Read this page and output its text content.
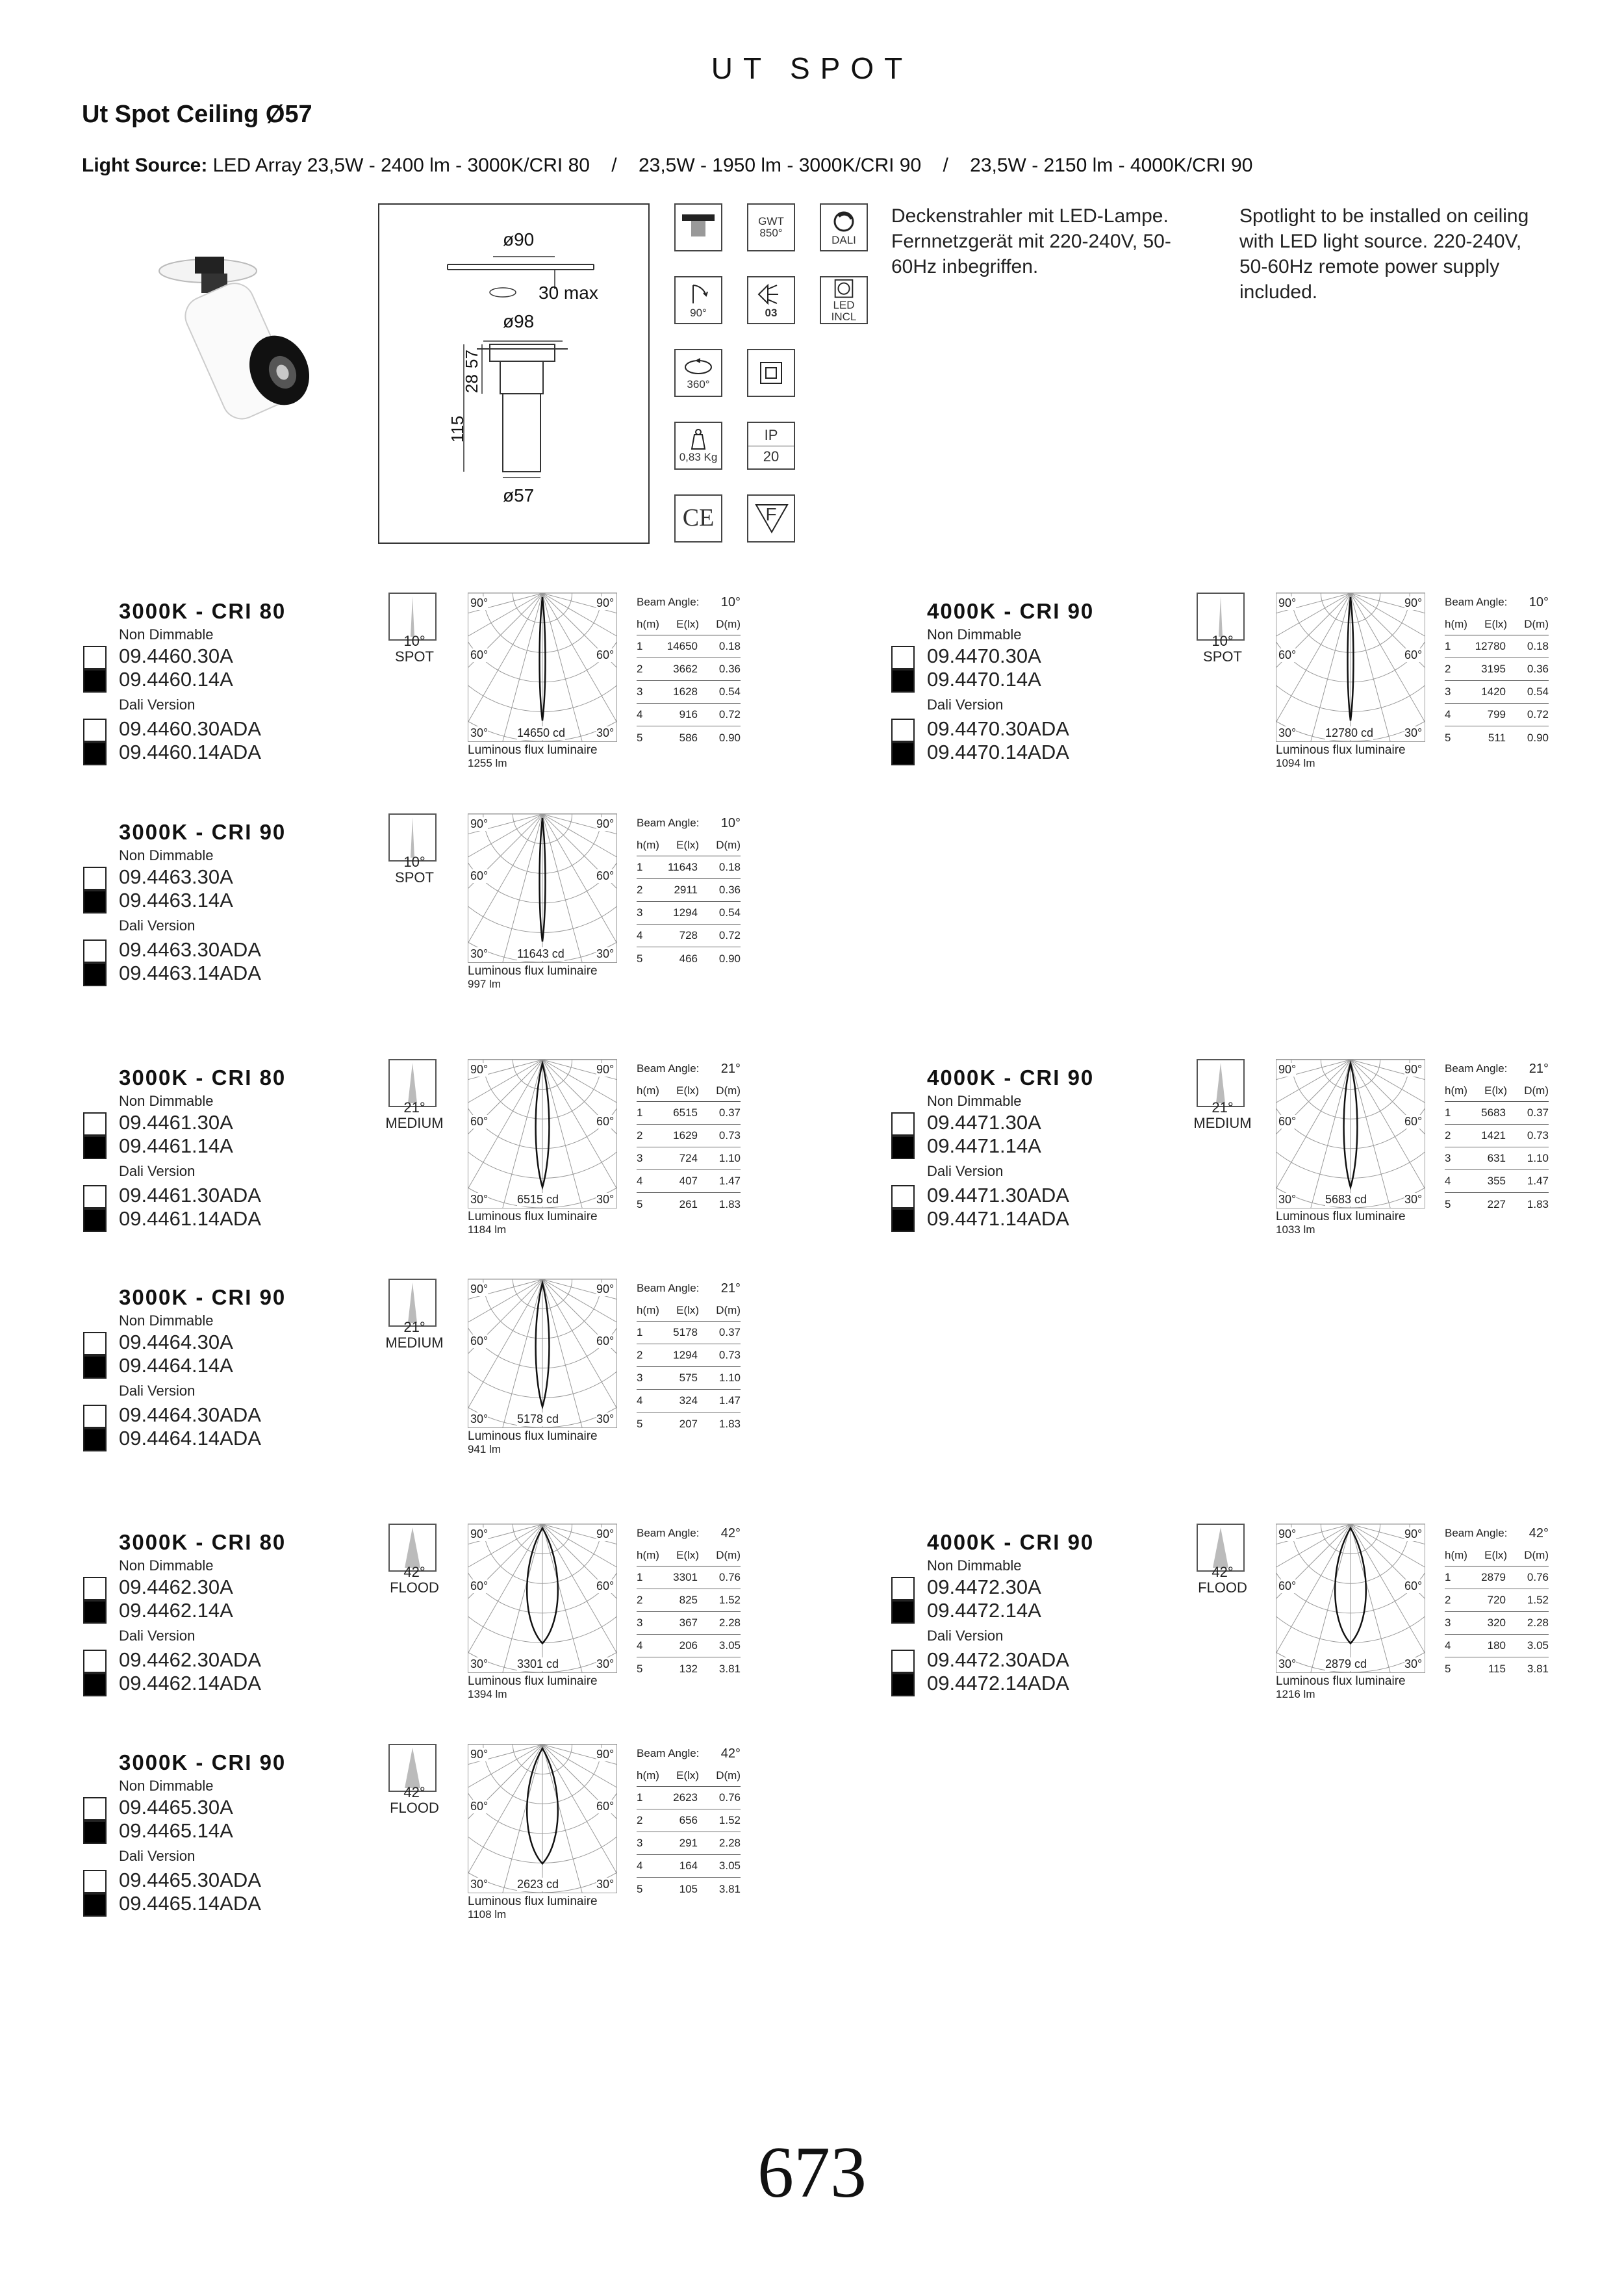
UT SPOT
Ut Spot Ceiling Ø57
Light Source: LED Array 23,5W - 2400 lm - 3000K/CRI 80    /    23,5W - 1950 lm - 3000K/CRI 90    /    23,5W - 2150 lm - 4000K/CRI 90
ø90
30 max
ø98
115
28
57
ø57
GWT
850°
DALI
90°	03
LED INCL
360°
0,83 Kg
IP
20
CE	F
Deckenstrahler mit LED-Lampe. Fernnetzgerät mit 220-240V, 50-60Hz inbegriffen.
Spotlight to be installed on ceiling with LED light source. 220-240V, 50-60Hz remote power supply included.
3000K - CRI 80
Non Dimmable
09.4460.30A
09.4460.14A
Dali Version
09.4460.30ADA
09.4460.14ADA
10°
SPOT
90°	90°
60°	60°
30°	30°
14650 cd
Luminous flux luminaire
1255 lm
Beam Angle: 10°
h(m) E(lx) D(m)
1	14650	0.18
2	3662	0.36
3	1628	0.54
4	916	0.72
5	586	0.90
4000K - CRI 90
Non Dimmable
09.4470.30A
09.4470.14A
Dali Version
09.4470.30ADA
09.4470.14ADA
10°
SPOT
90°	90°
60°	60°
30°	30°
12780 cd
Luminous flux luminaire
1094 lm
Beam Angle: 10°
h(m) E(lx) D(m)
1	12780	0.18
2	3195	0.36
3	1420	0.54
4	799	0.72
5	511	0.90
3000K - CRI 90
Non Dimmable
09.4463.30A
09.4463.14A
Dali Version
09.4463.30ADA
09.4463.14ADA
10°
SPOT
90°	90°
60°	60°
30°	30°
11643 cd
Luminous flux luminaire
997 lm
Beam Angle: 10°
h(m) E(lx) D(m)
1	11643	0.18
2	2911	0.36
3	1294	0.54
4	728	0.72
5	466	0.90
3000K - CRI 80
Non Dimmable
09.4461.30A
09.4461.14A
Dali Version
09.4461.30ADA
09.4461.14ADA
21°
MEDIUM
90°	90°
60°	60°
30°	30°
6515 cd
Luminous flux luminaire
1184 lm
Beam Angle: 21°
h(m) E(lx) D(m)
1	6515	0.37
2	1629	0.73
3	724	1.10
4	407	1.47
5	261	1.83
4000K - CRI 90
Non Dimmable
09.4471.30A
09.4471.14A
Dali Version
09.4471.30ADA
09.4471.14ADA
21°
MEDIUM
90°	90°
60°	60°
30°	30°
5683 cd
Luminous flux luminaire
1033 lm
Beam Angle: 21°
h(m) E(lx) D(m)
1	5683	0.37
2	1421	0.73
3	631	1.10
4	355	1.47
5	227	1.83
3000K - CRI 90
Non Dimmable
09.4464.30A
09.4464.14A
Dali Version
09.4464.30ADA
09.4464.14ADA
21°
MEDIUM
90°	90°
60°	60°
30°	30°
5178 cd
Luminous flux luminaire
941 lm
Beam Angle: 21°
h(m) E(lx) D(m)
1	5178	0.37
2	1294	0.73
3	575	1.10
4	324	1.47
5	207	1.83
3000K - CRI 80
Non Dimmable
09.4462.30A
09.4462.14A
Dali Version
09.4462.30ADA
09.4462.14ADA
42°
FLOOD
90°	90°
60°	60°
30°	30°
3301 cd
Luminous flux luminaire
1394 lm
Beam Angle: 42°
h(m) E(lx) D(m)
1	3301	0.76
2	825	1.52
3	367	2.28
4	206	3.05
5	132	3.81
4000K - CRI 90
Non Dimmable
09.4472.30A
09.4472.14A
Dali Version
09.4472.30ADA
09.4472.14ADA
42°
FLOOD
90°	90°
60°	60°
30°	30°
2879 cd
Luminous flux luminaire
1216 lm
Beam Angle: 42°
h(m) E(lx) D(m)
1	2879	0.76
2	720	1.52
3	320	2.28
4	180	3.05
5	115	3.81
3000K - CRI 90
Non Dimmable
09.4465.30A
09.4465.14A
Dali Version
09.4465.30ADA
09.4465.14ADA
42°
FLOOD
90°	90°
60°	60°
30°	30°
2623 cd
Luminous flux luminaire
1108 lm
Beam Angle: 42°
h(m) E(lx) D(m)
1	2623	0.76
2	656	1.52
3	291	2.28
4	164	3.05
5	105	3.81
673
